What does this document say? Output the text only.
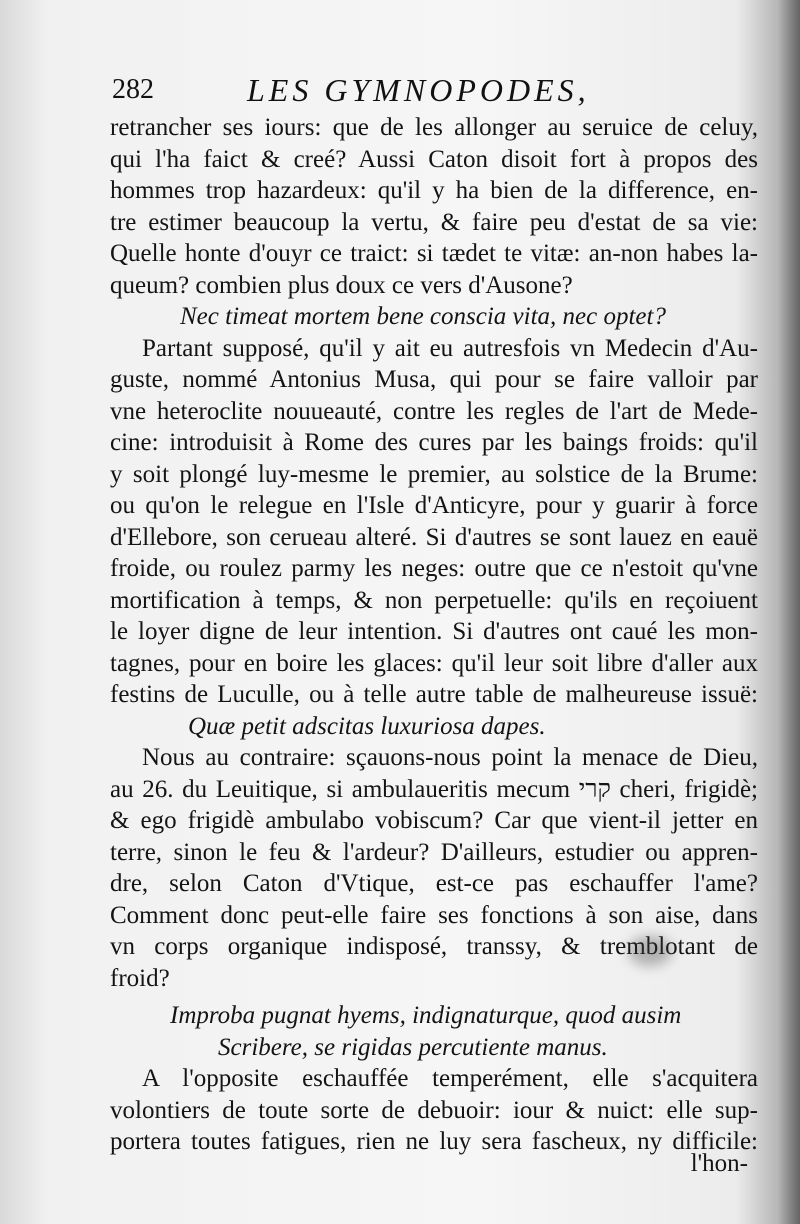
282	LES GYMNOPODES,
retrancher ses iours: que de les allonger au seruice de celuy,
qui l'ha faict & creé? Aussi Caton disoit fort à propos des
hommes trop hazardeux: qu'il y ha bien de la difference, en-
tre estimer beaucoup la vertu, & faire peu d'estat de sa vie:
Quelle honte d'ouyr ce traict: si tædet te vitæ: an-non habes la-
queum? combien plus doux ce vers d'Ausone?
Nec timeat mortem bene conscia vita, nec optet?
Partant supposé, qu'il y ait eu autresfois vn Medecin d'Au-
guste, nommé Antonius Musa, qui pour se faire valloir par
vne heteroclite nouueauté, contre les regles de l'art de Mede-
cine: introduisit à Rome des cures par les baings froids: qu'il
y soit plongé luy-mesme le premier, au solstice de la Brume:
ou qu'on le relegue en l'Isle d'Anticyre, pour y guarir à force
d'Ellebore, son cerueau alteré. Si d'autres se sont lauez en eauë
froide, ou roulez parmy les neges: outre que ce n'estoit qu'vne
mortification à temps, & non perpetuelle: qu'ils en reçoiuent
le loyer digne de leur intention. Si d'autres ont caué les mon-
tagnes, pour en boire les glaces: qu'il leur soit libre d'aller aux
festins de Luculle, ou à telle autre table de malheureuse issuë:
Quæ petit adscitas luxuriosa dapes.
Nous au contraire: sçauons-nous point la menace de Dieu,
au 26. du Leuitique, si ambulaueritis mecum קרי cheri, frigidè;
& ego frigidè ambulabo vobiscum? Car que vient-il jetter en
terre, sinon le feu & l'ardeur? D'ailleurs, estudier ou appren-
dre, selon Caton d'Vtique, est-ce pas eschauffer l'ame?
Comment donc peut-elle faire ses fonctions à son aise, dans
vn corps organique indisposé, transsy, & tremblotant de
froid?
Improba pugnat hyems, indignaturque, quod ausim
Scribere, se rigidas percutiente manus.
A l'opposite eschauffée temperément, elle s'acquitera
volontiers de toute sorte de debuoir: iour & nuict: elle sup-
portera toutes fatigues, rien ne luy sera fascheux, ny difficile:
l'hon-
